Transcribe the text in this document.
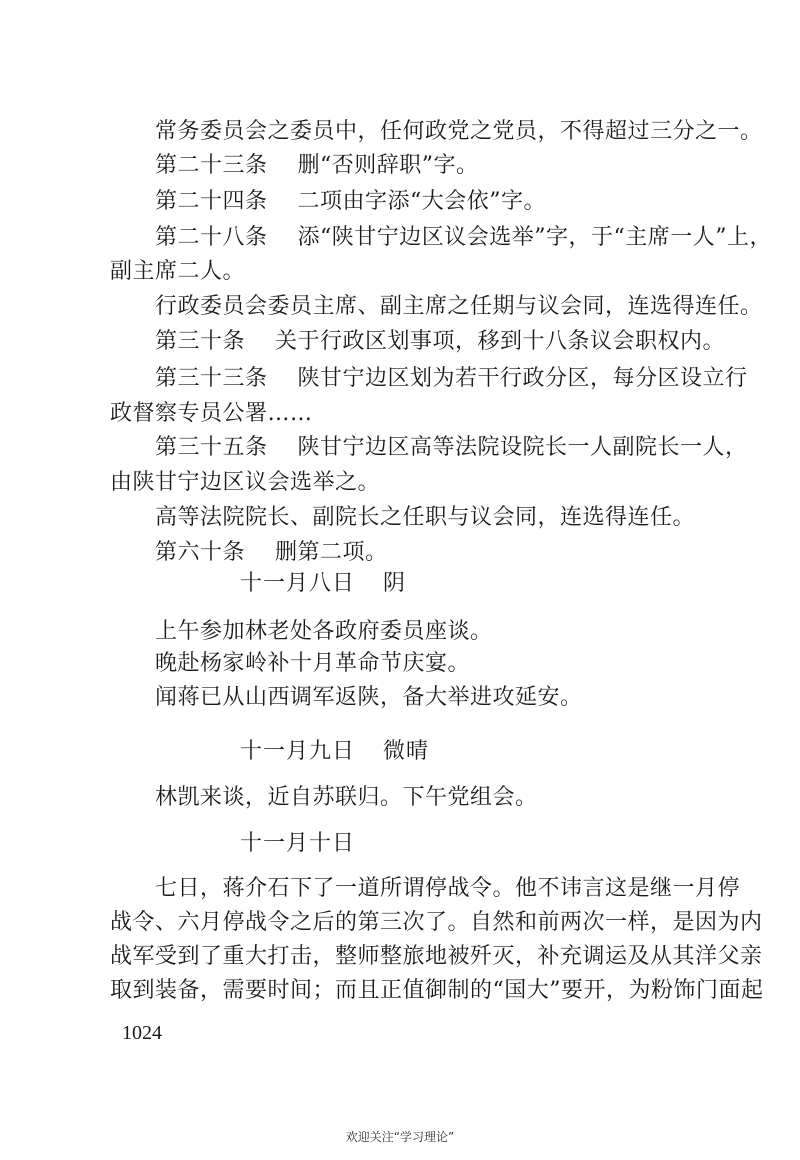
常务委员会之委员中，任何政党之党员，不得超过三分之一。
第二十三条 删“否则辞职”字。
第二十四条 二项由字添“大会依”字。
第二十八条 添“陕甘宁边区议会选举”字，于“主席一人”上，
副主席二人。
行政委员会委员主席、副主席之任期与议会同，连选得连任。
第三十条 关于行政区划事项，移到十八条议会职权内。
第三十三条 陕甘宁边区划为若干行政分区，每分区设立行
政督察专员公署……
第三十五条 陕甘宁边区高等法院设院长一人副院长一人，
由陕甘宁边区议会选举之。
高等法院院长、副院长之任职与议会同，连选得连任。
第六十条 删第二项。
十一月八日 阴
上午参加林老处各政府委员座谈。
晚赴杨家岭补十月革命节庆宴。
闻蒋已从山西调军返陕，备大举进攻延安。
十一月九日 微晴
林凯来谈，近自苏联归。下午党组会。
十一月十日
七日，蒋介石下了一道所谓停战令。他不讳言这是继一月停
1024
欢迎关注“学习理论”
战令、六月停战令之后的第三次了。自然和前两次一样，是因为内
战军受到了重大打击，整师整旅地被歼灭，补充调运及从其洋父亲
取到装备，需要时间；而且正值御制的“国大”要开，为粉饰门面起
